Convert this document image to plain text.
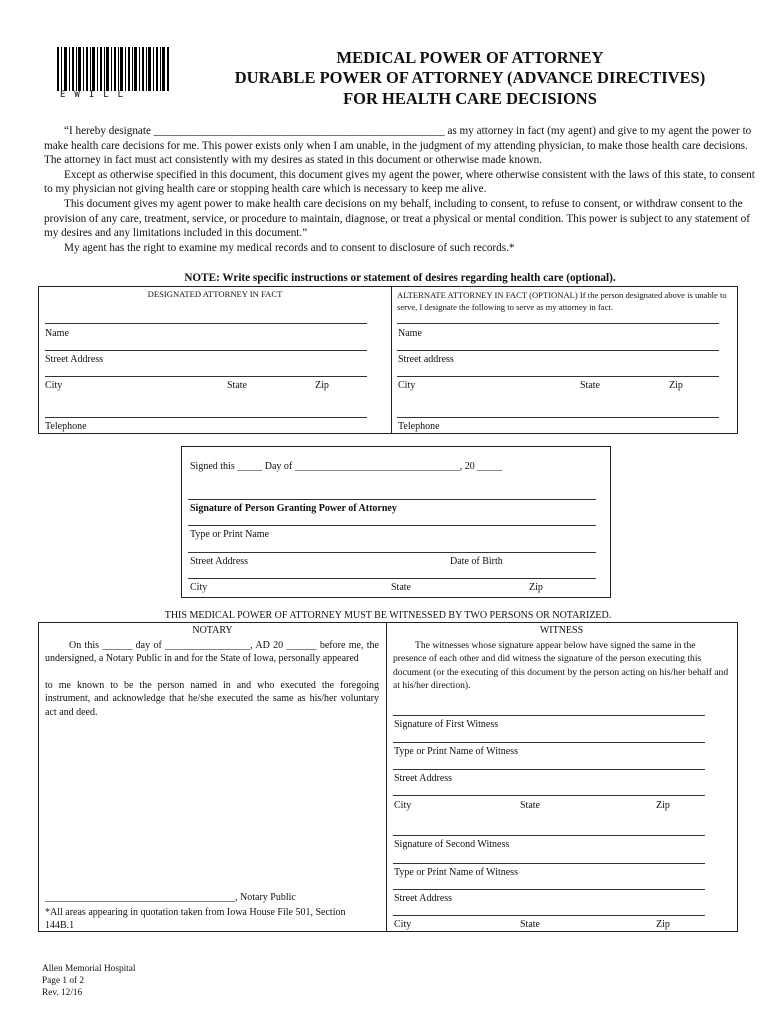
EWILL
MEDICAL POWER OF ATTORNEY
DURABLE POWER OF ATTORNEY (ADVANCE DIRECTIVES)
FOR HEALTH CARE DECISIONS

“I hereby designate ____________________________________________________ as my attorney in fact (my agent) and give to my agent the power to make health care decisions for me. This power exists only when I am unable, in the judgment of my attending physician, to make those health care decisions. The attorney in fact must act consistently with my desires as stated in this document or otherwise made known.

Except as otherwise specified in this document, this document gives my agent the power, where otherwise consistent with the laws of this state, to consent to my physician not giving health care or stopping health care which is necessary to keep me alive.

This document gives my agent power to make health care decisions on my behalf, including to consent, to refuse to consent, or withdraw consent to the provision of any care, treatment, service, or procedure to maintain, diagnose, or treat a physical or mental condition. This power is subject to any statement of my desires and any limitations included in this document.”

My agent has the right to examine my medical records and to consent to disclosure of such records.*

NOTE: Write specific instructions or statement of desires regarding health care (optional).
DESIGNATED ATTORNEY IN FACT	ALTERNATE ATTORNEY IN FACT (OPTIONAL) If the person designated above is unable to serve, I designate the following to serve as my attorney in fact.
Name
Street Address
City	State	Zip
Telephone
Name
Street address
City	State	Zip
Telephone
Signed this _____ Day of _________________________________, 20 _____
Signature of Person Granting Power of Attorney
Type or Print Name
Street Address	Date of Birth
City	State	Zip
THIS MEDICAL POWER OF ATTORNEY MUST BE WITNESSED BY TWO PERSONS OR NOTARIZED.
NOTARY
On this ______ day of _________________, AD 20 ______ before me, the undersigned, a Notary Public in and for the State of Iowa, personally appeared
to me known to be the person named in and who executed the foregoing instrument, and acknowledge that he/she executed the same as his/her voluntary act and deed.
______________________________________, Notary Public
*All areas appearing in quotation taken from Iowa House File 501, Section 144B.1
WITNESS
The witnesses whose signature appear below have signed the same in the presence of each other and did witness the signature of the person executing this document (or the executing of this document by the person acting on his/her behalf and at his/her direction).
Signature of First Witness
Type or Print Name of Witness
Street Address
City	State	Zip
Signature of Second Witness
Type or Print Name of Witness
Street Address
City	State	Zip
Allen Memorial Hospital
Page 1 of 2
Rev. 12/16
